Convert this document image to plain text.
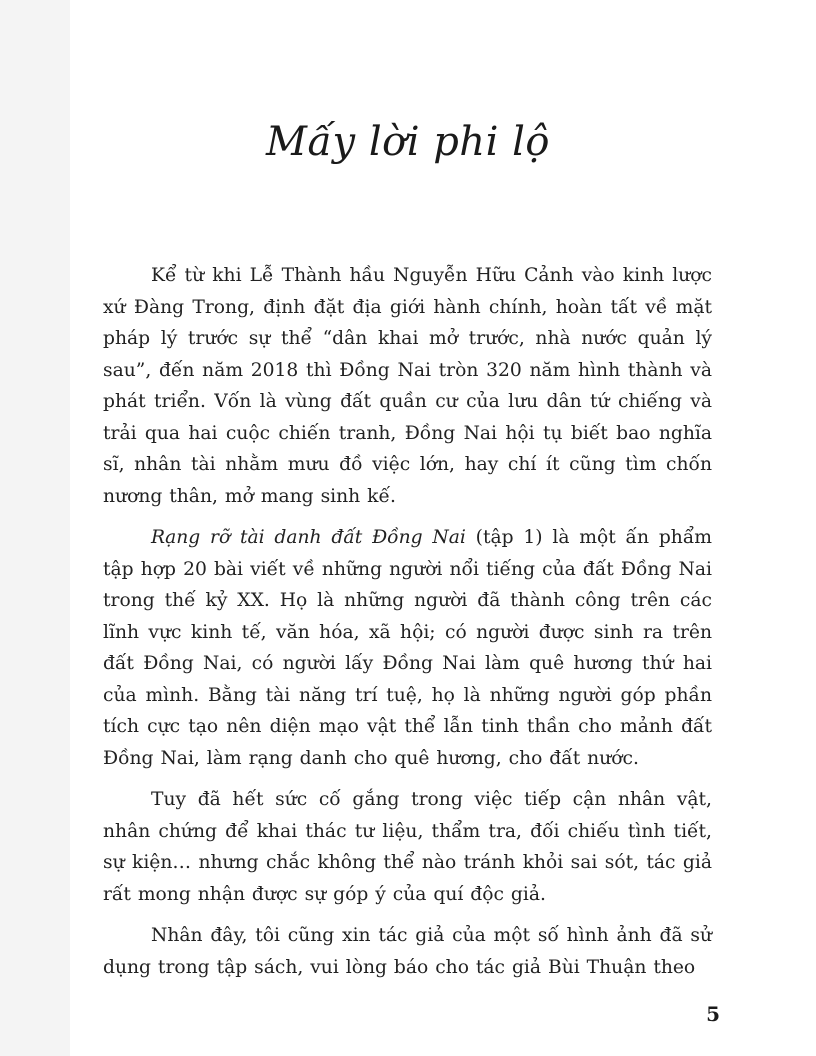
Mấy lời phi lộ

Kể từ khi Lễ Thành hầu Nguyễn Hữu Cảnh vào kinh lược xứ Đàng Trong, định đặt địa giới hành chính, hoàn tất về mặt pháp lý trước sự thể “dân khai mở trước, nhà nước quản lý sau”, đến năm 2018 thì Đồng Nai tròn 320 năm hình thành và phát triển. Vốn là vùng đất quần cư của lưu dân tứ chiếng và trải qua hai cuộc chiến tranh, Đồng Nai hội tụ biết bao nghĩa sĩ, nhân tài nhằm mưu đồ việc lớn, hay chí ít cũng tìm chốn nương thân, mở mang sinh kế.

Rạng rỡ tài danh đất Đồng Nai (tập 1) là một ấn phẩm tập hợp 20 bài viết về những người nổi tiếng của đất Đồng Nai trong thế kỷ XX. Họ là những người đã thành công trên các lĩnh vực kinh tế, văn hóa, xã hội; có người được sinh ra trên đất Đồng Nai, có người lấy Đồng Nai làm quê hương thứ hai của mình. Bằng tài năng trí tuệ, họ là những người góp phần tích cực tạo nên diện mạo vật thể lẫn tinh thần cho mảnh đất Đồng Nai, làm rạng danh cho quê hương, cho đất nước.

Tuy đã hết sức cố gắng trong việc tiếp cận nhân vật, nhân chứng để khai thác tư liệu, thẩm tra, đối chiếu tình tiết, sự kiện… nhưng chắc không thể nào tránh khỏi sai sót, tác giả rất mong nhận được sự góp ý của quí độc giả.

Nhân đây, tôi cũng xin tác giả của một số hình ảnh đã sử dụng trong tập sách, vui lòng báo cho tác giả Bùi Thuận theo

5
